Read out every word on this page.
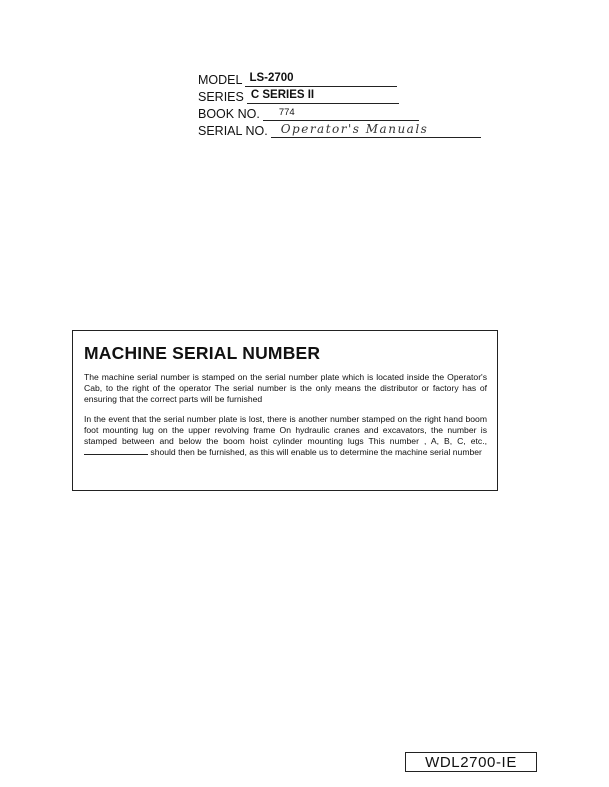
MODEL LS-2700
SERIES C SERIES II
BOOK NO.	774
SERIAL NO.	Operator's Manuals
MACHINE SERIAL NUMBER

The machine serial number is stamped on the serial number plate which is located inside the Operator's Cab, to the right of the operator The serial number is the only means the distributor or factory has of ensuring that the correct parts will be furnished

In the event that the serial number plate is lost, there is another number stamped on the right hand boom foot mounting lug on the upper revolving frame On hydraulic cranes and excavators, the number is stamped between and below the boom hoist cylinder mounting lugs This number , A, B, C, etc.,  should then be furnished, as this will enable us to determine the machine serial number

WDL2700-IE
